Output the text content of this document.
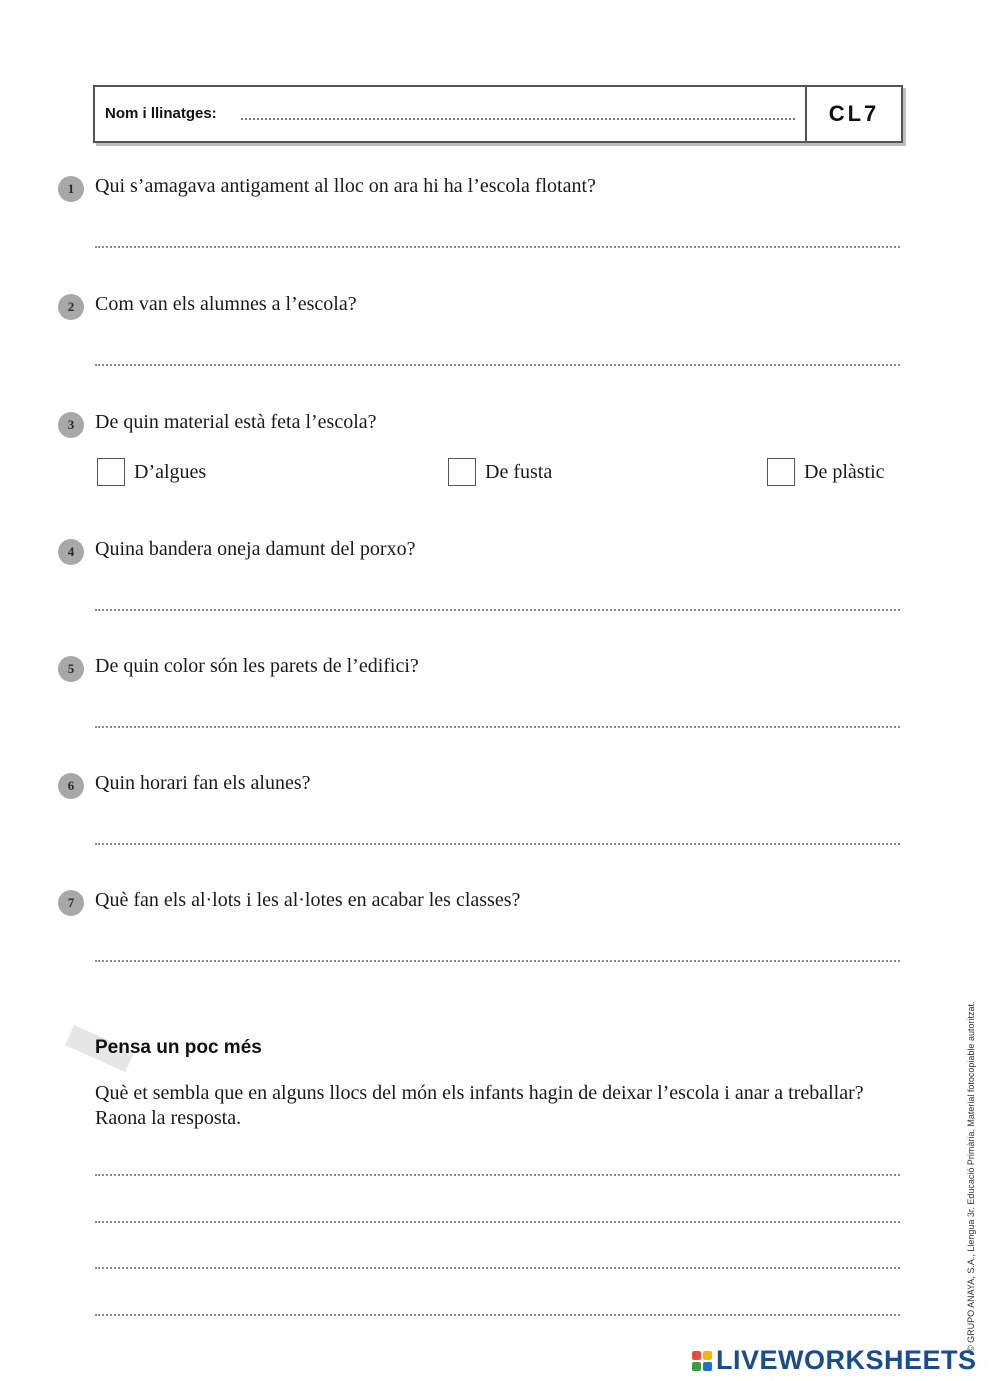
Nom i llinatges:	CL7
1	Qui s’amagava antigament al lloc on ara hi ha l’escola flotant?
2	Com van els alumnes a l’escola?
3	De quin material està feta l’escola?
D’algues	De fusta	De plàstic
4	Quina bandera oneja damunt del porxo?
5	De quin color són les parets de l’edifici?
6	Quin horari fan els alunes?
7	Què fan els al·lots i les al·lotes en acabar les classes?
Pensa un poc més
Què et sembla que en alguns llocs del món els infants hagin de deixar l’escola i anar a treballar? Raona la resposta.	© GRUPO ANAYA, S.A., Llengua 3r. Educació Primària. Material fotocopiable autoritzat.
LIVEWORKSHEETS
